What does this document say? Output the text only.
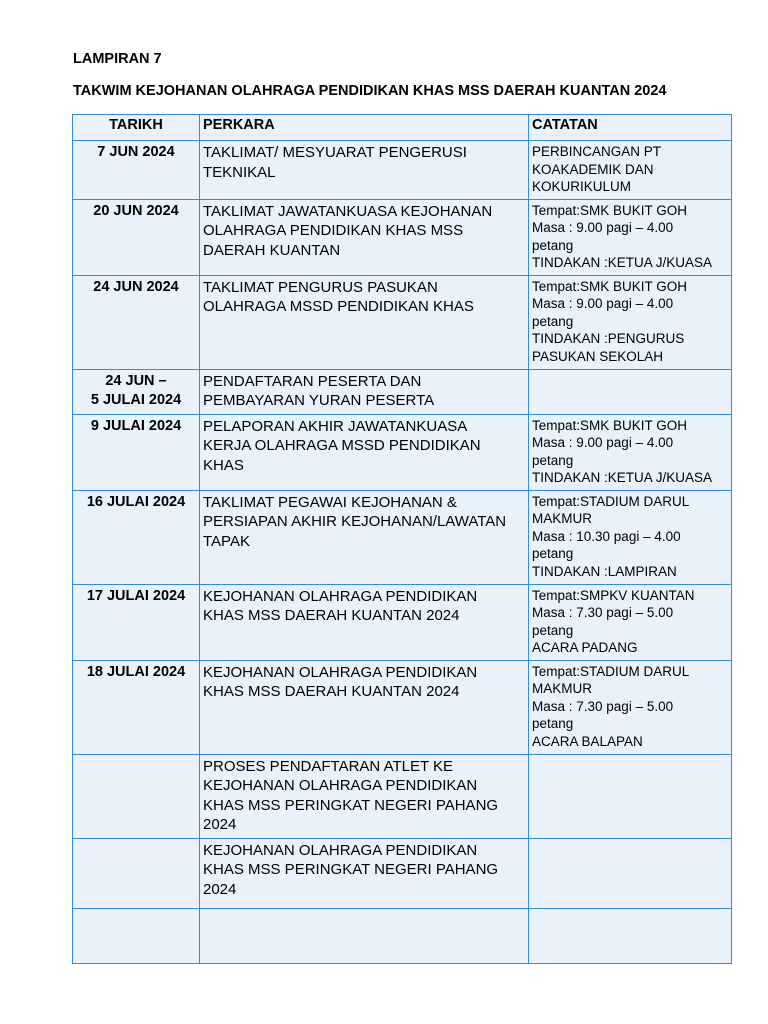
LAMPIRAN 7
TAKWIM KEJOHANAN OLAHRAGA PENDIDIKAN KHAS MSS DAERAH KUANTAN 2024
TARIKH	PERKARA	CATATAN

7 JUN 2024	TAKLIMAT/ MESYUARAT PENGERUSI
TEKNIKAL	PERBINCANGAN PT
KOAKADEMIK DAN
KOKURIKULUM

20 JUN 2024	TAKLIMAT JAWATANKUASA KEJOHANAN
OLAHRAGA PENDIDIKAN KHAS MSS
DAERAH KUANTAN	Tempat:SMK BUKIT GOH
Masa : 9.00 pagi – 4.00
petang
TINDAKAN :KETUA J/KUASA

24 JUN 2024	TAKLIMAT PENGURUS PASUKAN
OLAHRAGA MSSD PENDIDIKAN KHAS	Tempat:SMK BUKIT GOH
Masa : 9.00 pagi – 4.00
petang
TINDAKAN :PENGURUS
PASUKAN SEKOLAH

24 JUN –
5 JULAI 2024	PENDAFTARAN PESERTA DAN
PEMBAYARAN YURAN PESERTA	

9 JULAI 2024	PELAPORAN AKHIR JAWATANKUASA
KERJA OLAHRAGA MSSD PENDIDIKAN
KHAS	Tempat:SMK BUKIT GOH
Masa : 9.00 pagi – 4.00
petang
TINDAKAN :KETUA J/KUASA

16 JULAI 2024	TAKLIMAT PEGAWAI KEJOHANAN &
PERSIAPAN AKHIR KEJOHANAN/LAWATAN
TAPAK	Tempat:STADIUM DARUL
MAKMUR
Masa : 10.30 pagi – 4.00
petang
TINDAKAN :LAMPIRAN

17 JULAI 2024	KEJOHANAN OLAHRAGA PENDIDIKAN
KHAS MSS DAERAH KUANTAN 2024	Tempat:SMPKV KUANTAN
Masa : 7.30 pagi – 5.00
petang
ACARA PADANG

18 JULAI 2024	KEJOHANAN OLAHRAGA PENDIDIKAN
KHAS MSS DAERAH KUANTAN 2024	Tempat:STADIUM DARUL
MAKMUR
Masa : 7.30 pagi – 5.00
petang
ACARA BALAPAN

	PROSES PENDAFTARAN ATLET KE
KEJOHANAN OLAHRAGA PENDIDIKAN
KHAS MSS PERINGKAT NEGERI PAHANG
2024	

	KEJOHANAN OLAHRAGA PENDIDIKAN
KHAS MSS PERINGKAT NEGERI PAHANG
2024	
